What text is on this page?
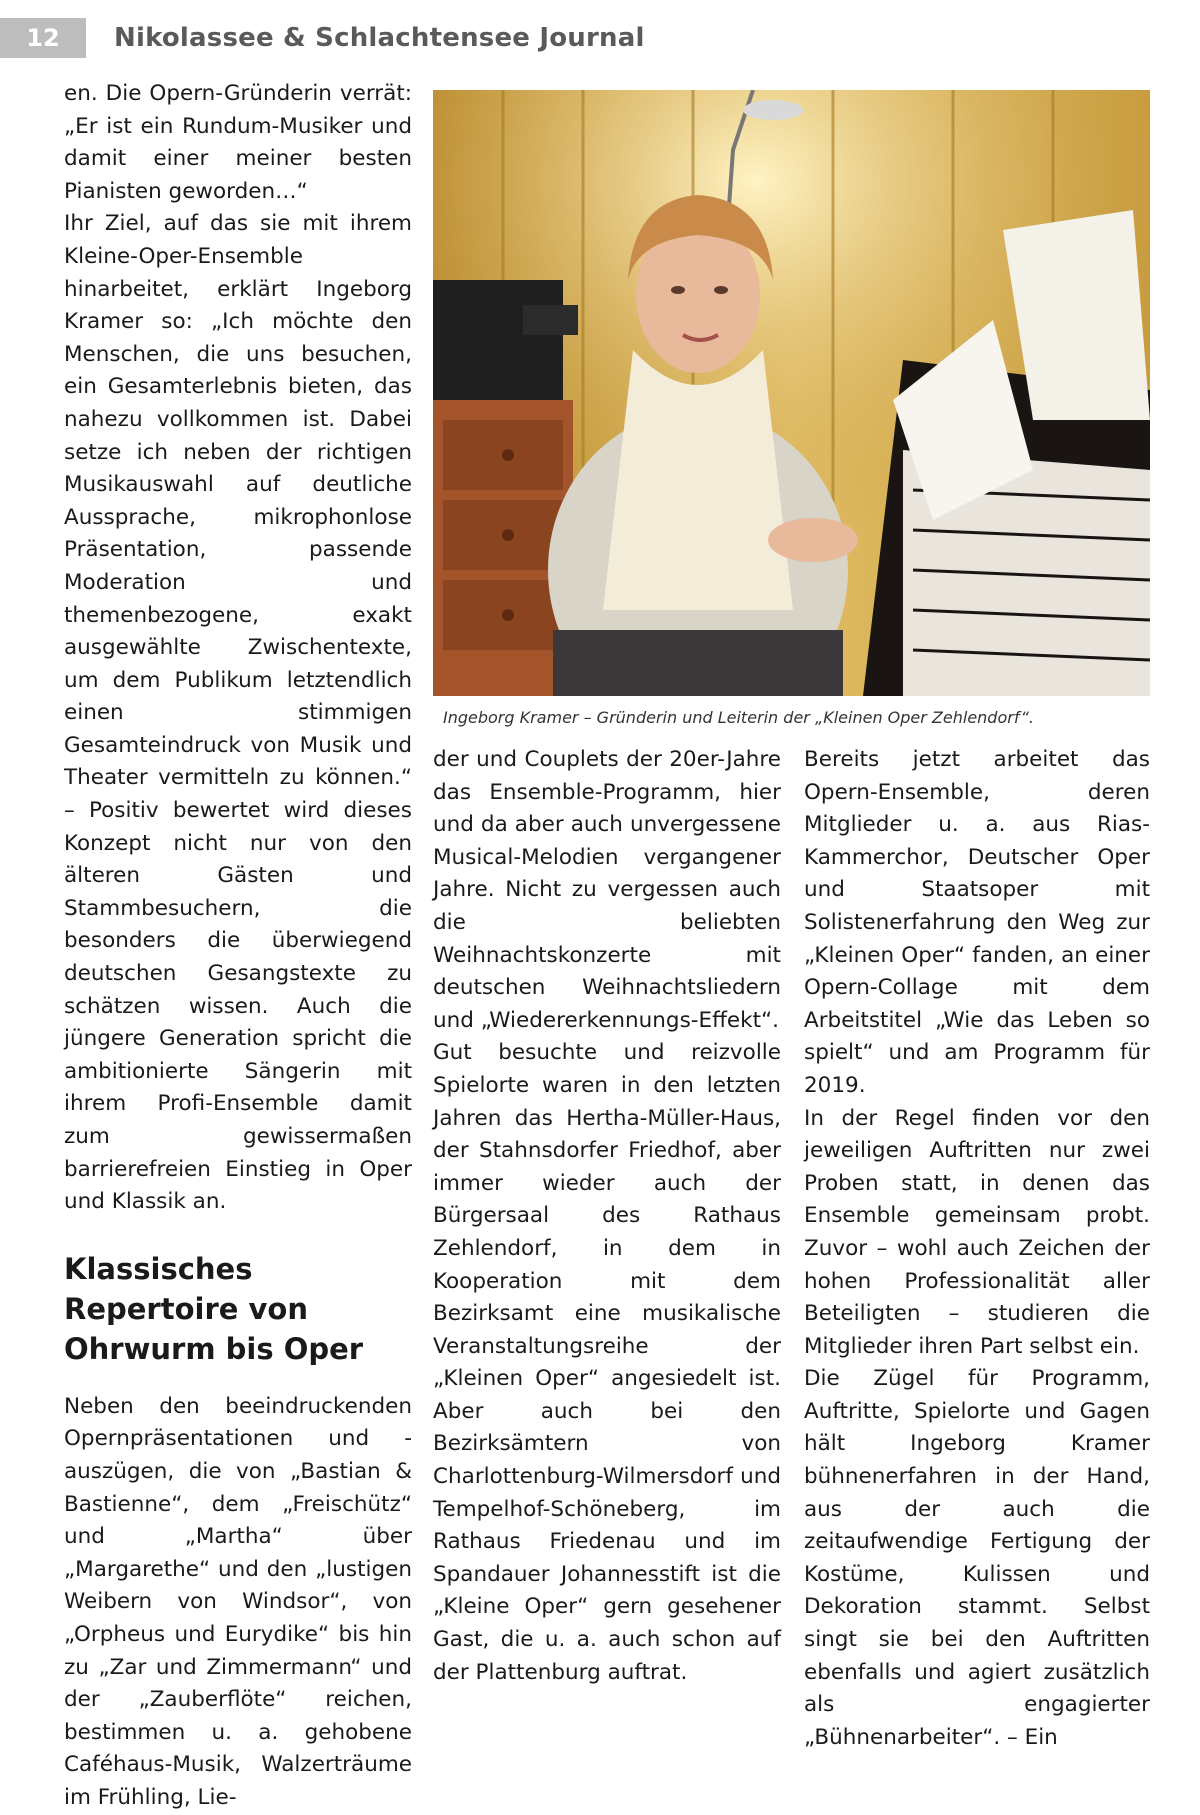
12	Nikolassee & Schlachtensee Journal

en. Die Opern-Gründerin verrät: „Er ist ein Rundum-Musiker und damit einer meiner besten Pianisten geworden…“

Ihr Ziel, auf das sie mit ihrem Kleine-Oper-Ensemble hinarbeitet, erklärt Ingeborg Kramer so: „Ich möchte den Menschen, die uns besuchen, ein Gesamterlebnis bieten, das nahezu vollkommen ist. Dabei setze ich neben der richtigen Musikauswahl auf deutliche Aussprache, mikrophonlose Präsentation, passende Moderation und themenbezogene, exakt ausgewählte Zwischentexte, um dem Publikum letztendlich einen stimmigen Gesamteindruck von Musik und Theater vermitteln zu können.“ – Positiv bewertet wird dieses Konzept nicht nur von den älteren Gästen und Stammbesuchern, die besonders die überwiegend deutschen Gesangstexte zu schätzen wissen. Auch die jüngere Generation spricht die ambitionierte Sängerin mit ihrem Profi-Ensemble damit zum gewissermaßen barrierefreien Einstieg in Oper und Klassik an.

Klassisches Repertoire von Ohrwurm bis Oper

Neben den beeindruckenden Opernpräsentationen und -auszügen, die von „Bastian & Bastienne“, dem „Freischütz“ und „Martha“ über „Margarethe“ und den „lustigen Weibern von Windsor“, von „Orpheus und Eurydike“ bis hin zu „Zar und Zimmermann“ und der „Zauberflöte“ reichen, bestimmen u. a. gehobene Caféhaus-Musik, Walzerträume im Frühling, Lie-

Ingeborg Kramer – Gründerin und Leiterin der „Kleinen Oper Zehlendorf“.

der und Couplets der 20er-Jahre das Ensemble-Programm, hier und da aber auch unvergessene Musical-Melodien vergangener Jahre. Nicht zu vergessen auch die beliebten Weihnachtskonzerte mit deutschen Weihnachtsliedern und „Wiedererkennungs-Effekt“.

Gut besuchte und reizvolle Spielorte waren in den letzten Jahren das Hertha-Müller-Haus, der Stahnsdorfer Friedhof, aber immer wieder auch der Bürgersaal des Rathaus Zehlendorf, in dem in Kooperation mit dem Bezirksamt eine musikalische Veranstaltungsreihe der „Kleinen Oper“ angesiedelt ist. Aber auch bei den Bezirksämtern von Charlottenburg-Wilmersdorf und Tempelhof-Schöneberg, im Rathaus Friedenau und im Spandauer Johannesstift ist die „Kleine Oper“ gern gesehener Gast, die u. a. auch schon auf der Plattenburg auftrat.

Bereits jetzt arbeitet das Opern-Ensemble, deren Mitglieder u. a. aus Rias-Kammerchor, Deutscher Oper und Staatsoper mit Solistenerfahrung den Weg zur „Kleinen Oper“ fanden, an einer Opern-Collage mit dem Arbeitstitel „Wie das Leben so spielt“ und am Programm für 2019.

In der Regel finden vor den jeweiligen Auftritten nur zwei Proben statt, in denen das Ensemble gemeinsam probt. Zuvor – wohl auch Zeichen der hohen Professionalität aller Beteiligten – studieren die Mitglieder ihren Part selbst ein.

Die Zügel für Programm, Auftritte, Spielorte und Gagen hält Ingeborg Kramer bühnenerfahren in der Hand, aus der auch die zeitaufwendige Fertigung der Kostüme, Kulissen und Dekoration stammt. Selbst singt sie bei den Auftritten ebenfalls und agiert zusätzlich als engagierter „Bühnenarbeiter“. – Ein
